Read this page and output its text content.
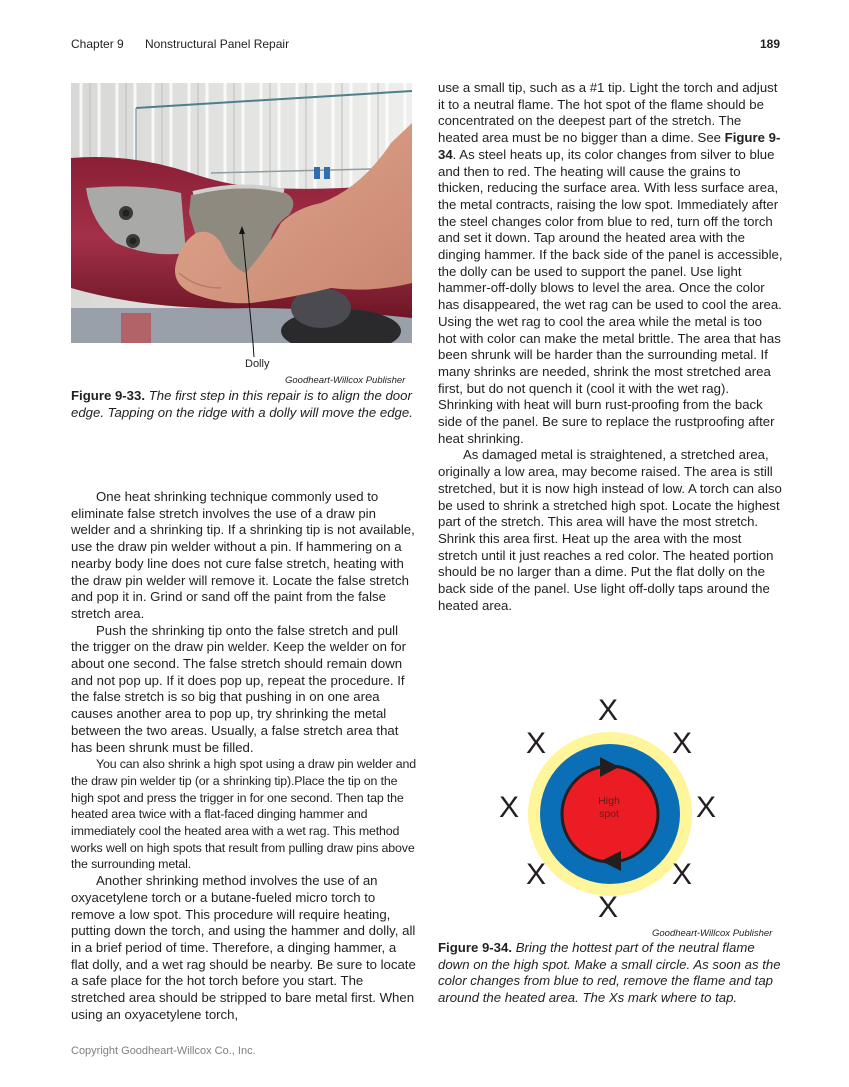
Chapter 9 Nonstructural Panel Repair	189
Dolly
Goodheart-Willcox Publisher
Figure 9-33. The first step in this repair is to align the door edge. Tapping on the ridge with a dolly will move the edge.

One heat shrinking technique commonly used to eliminate false stretch involves the use of a draw pin welder and a shrinking tip. If a shrinking tip is not available, use the draw pin welder without a pin. If hammering on a nearby body line does not cure false stretch, heating with the draw pin welder will remove it. Locate the false stretch and pop it in. Grind or sand off the paint from the false stretch area.

Push the shrinking tip onto the false stretch and pull the trigger on the draw pin welder. Keep the welder on for about one second. The false stretch should remain down and not pop up. If it does pop up, repeat the procedure. If the false stretch is so big that pushing in on one area causes another area to pop up, try shrinking the metal between the two areas. Usually, a false stretch area that has been shrunk must be filled.

You can also shrink a high spot using a draw pin welder and the draw pin welder tip (or a shrinking tip).Place the tip on the high spot and press the trigger in for one second. Then tap the heated area twice with a flat-faced dinging hammer and immediately cool the heated area with a wet rag. This method works well on high spots that result from pulling draw pins above the surrounding metal.

Another shrinking method involves the use of an oxyacetylene torch or a butane-fueled micro torch to remove a low spot. This procedure will require heating, putting down the torch, and using the hammer and dolly, all in a brief period of time. Therefore, a dinging hammer, a flat dolly, and a wet rag should be nearby. Be sure to locate a safe place for the hot torch before you start. The stretched area should be stripped to bare metal first. When using an oxyacetylene torch,

use a small tip, such as a #1 tip. Light the torch and adjust it to a neutral flame. The hot spot of the flame should be concentrated on the deepest part of the stretch. The heated area must be no bigger than a dime. See Figure 9-34. As steel heats up, its color changes from silver to blue and then to red. The heating will cause the grains to thicken, reducing the surface area. With less surface area, the metal contracts, raising the low spot. Immediately after the steel changes color from blue to red, turn off the torch and set it down. Tap around the heated area with the dinging hammer. If the back side of the panel is accessible, the dolly can be used to support the panel. Use light hammer-off-dolly blows to level the area. Once the color has disappeared, the wet rag can be used to cool the area. Using the wet rag to cool the area while the metal is too hot with color can make the metal brittle. The area that has been shrunk will be harder than the surrounding metal. If many shrinks are needed, shrink the most stretched area first, but do not quench it (cool it with the wet rag). Shrinking with heat will burn rust-proofing from the back side of the panel. Be sure to replace the rustproofing after heat shrinking.

As damaged metal is straightened, a stretched area, originally a low area, may become raised. The area is still stretched, but it is now high instead of low. A torch can also be used to shrink a stretched high spot. Locate the highest part of the stretch. This area will have the most stretch. Shrink this area first. Heat up the area with the most stretch until it just reaches a red color. The heated portion should be no larger than a dime. Put the flat dolly on the back side of the panel. Use light off-dolly taps around the heated area.

High
spot
X
X	X
X	X
X	X
X
Goodheart-Willcox Publisher
Figure 9-34. Bring the hottest part of the neutral flame down on the high spot. Make a small circle. As soon as the color changes from blue to red, remove the flame and tap around the heated area. The Xs mark where to tap.
Copyright Goodheart-Willcox Co., Inc.
